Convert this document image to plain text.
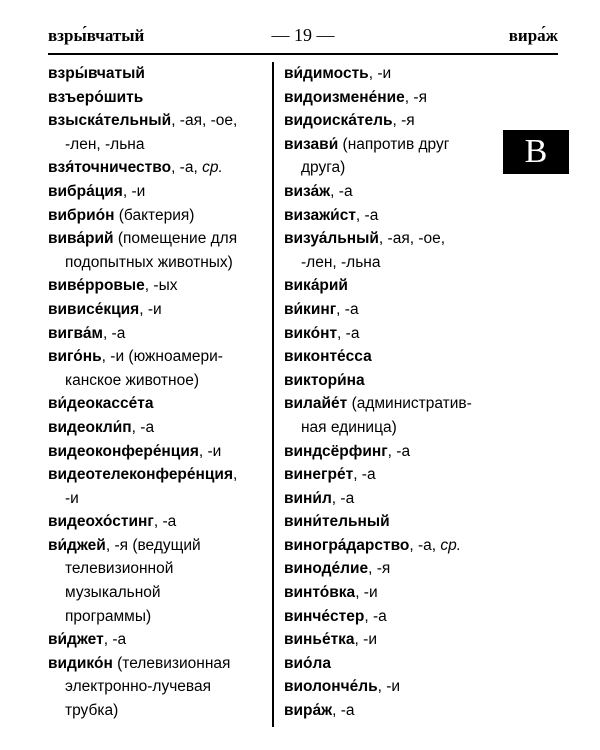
взры́вчатый	— 19 —	вира́ж
взры́вчатый
взъеро́шить
взыска́тельный, -ая, -ое,
-лен, -льна
взя́точничество, -а, ср.
вибра́ция, -и
вибрио́н (бактерия)
вива́рий (помещение для
подопытных животных)
виве́рровые, -ых
вивисе́кция, -и
вигва́м, -а
виго́нь, -и (южноамери-
канское животное)
ви́деокассе́та
видеокли́п, -а
видеоконфере́нция, -и
видеотелеконфере́нция,
-и
видеохо́стинг, -а
ви́джей, -я (ведущий
телевизионной
музыкальной
программы)
ви́джет, -а
видико́н (телевизионная
электронно-лучевая
трубка)
ви́димость, -и
видоизмене́ние, -я
видоиска́тель, -я
визави́ (напротив друг
друга)
виза́ж, -а
визажи́ст, -а
визуа́льный, -ая, -ое,
-лен, -льна
вика́рий
ви́кинг, -а
вико́нт, -а
виконте́сса
виктори́на
вилайе́т (административ-
ная единица)
виндсёрфинг, -а
винегре́т, -а
вини́л, -а
вини́тельный
виногра́дарство, -а, ср.
виноде́лие, -я
винто́вка, -и
винче́стер, -а
винье́тка, -и
вио́ла
виолонче́ль, -и
вира́ж, -а
В
